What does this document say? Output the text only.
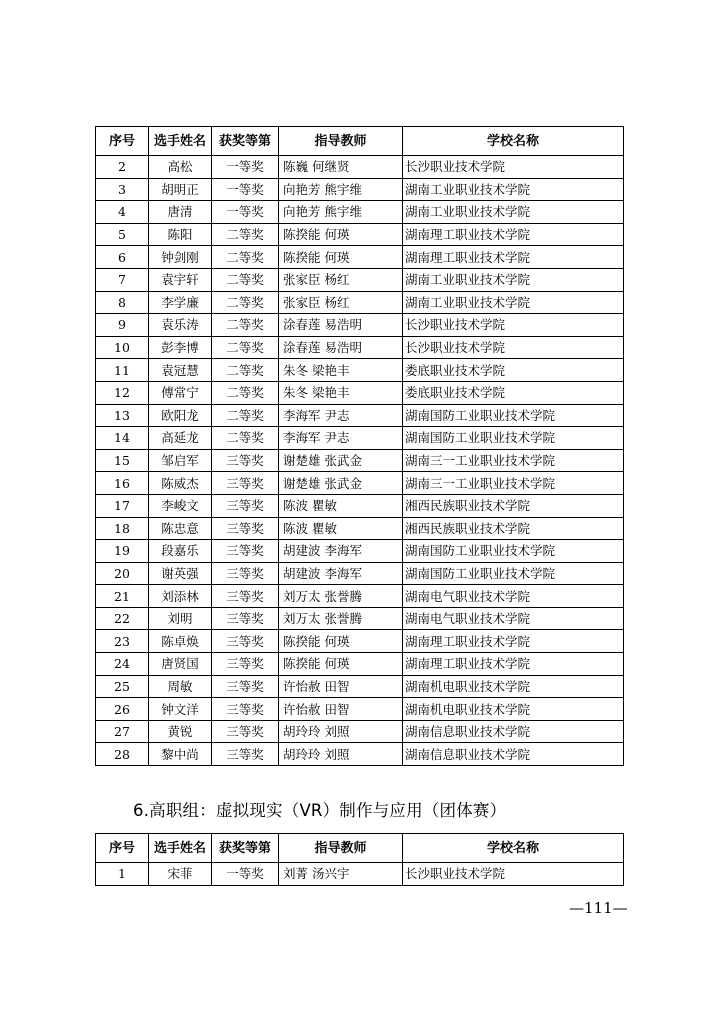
序号	选手姓名	获奖等第	指导教师	学校名称
2	高松	一等奖	陈巍 何继贤	长沙职业技术学院
3	胡明正	一等奖	向艳芳 熊宇维	湖南工业职业技术学院
4	唐清	一等奖	向艳芳 熊宇维	湖南工业职业技术学院
5	陈阳	二等奖	陈揆能 何瑛	湖南理工职业技术学院
6	钟剑刚	二等奖	陈揆能 何瑛	湖南理工职业技术学院
7	袁宇轩	二等奖	张家臣 杨红	湖南工业职业技术学院
8	李学廉	二等奖	张家臣 杨红	湖南工业职业技术学院
9	袁乐涛	二等奖	涂春莲 易浩明	长沙职业技术学院
10	彭李博	二等奖	涂春莲 易浩明	长沙职业技术学院
11	袁冠慧	二等奖	朱冬 梁艳丰	娄底职业技术学院
12	傅常宁	二等奖	朱冬 梁艳丰	娄底职业技术学院
13	欧阳龙	二等奖	李海军 尹志	湖南国防工业职业技术学院
14	高延龙	二等奖	李海军 尹志	湖南国防工业职业技术学院
15	邹启军	三等奖	谢楚雄 张武金	湖南三一工业职业技术学院
16	陈威杰	三等奖	谢楚雄 张武金	湖南三一工业职业技术学院
17	李峻文	三等奖	陈波 瞿敏	湘西民族职业技术学院
18	陈忠意	三等奖	陈波 瞿敏	湘西民族职业技术学院
19	段嘉乐	三等奖	胡建波 李海军	湖南国防工业职业技术学院
20	谢英强	三等奖	胡建波 李海军	湖南国防工业职业技术学院
21	刘添林	三等奖	刘万太 张誉腾	湖南电气职业技术学院
22	刘明	三等奖	刘万太 张誉腾	湖南电气职业技术学院
23	陈卓焕	三等奖	陈揆能 何瑛	湖南理工职业技术学院
24	唐贤国	三等奖	陈揆能 何瑛	湖南理工职业技术学院
25	周敏	三等奖	许怡赦 田智	湖南机电职业技术学院
26	钟文洋	三等奖	许怡赦 田智	湖南机电职业技术学院
27	黄锐	三等奖	胡玲玲 刘照	湖南信息职业技术学院
28	黎中尚	三等奖	胡玲玲 刘照	湖南信息职业技术学院
6.高职组：虚拟现实（VR）制作与应用（团体赛）
序号	选手姓名	获奖等第	指导教师	学校名称
1	宋菲	一等奖	刘菁 汤兴宇	长沙职业技术学院
—111—
